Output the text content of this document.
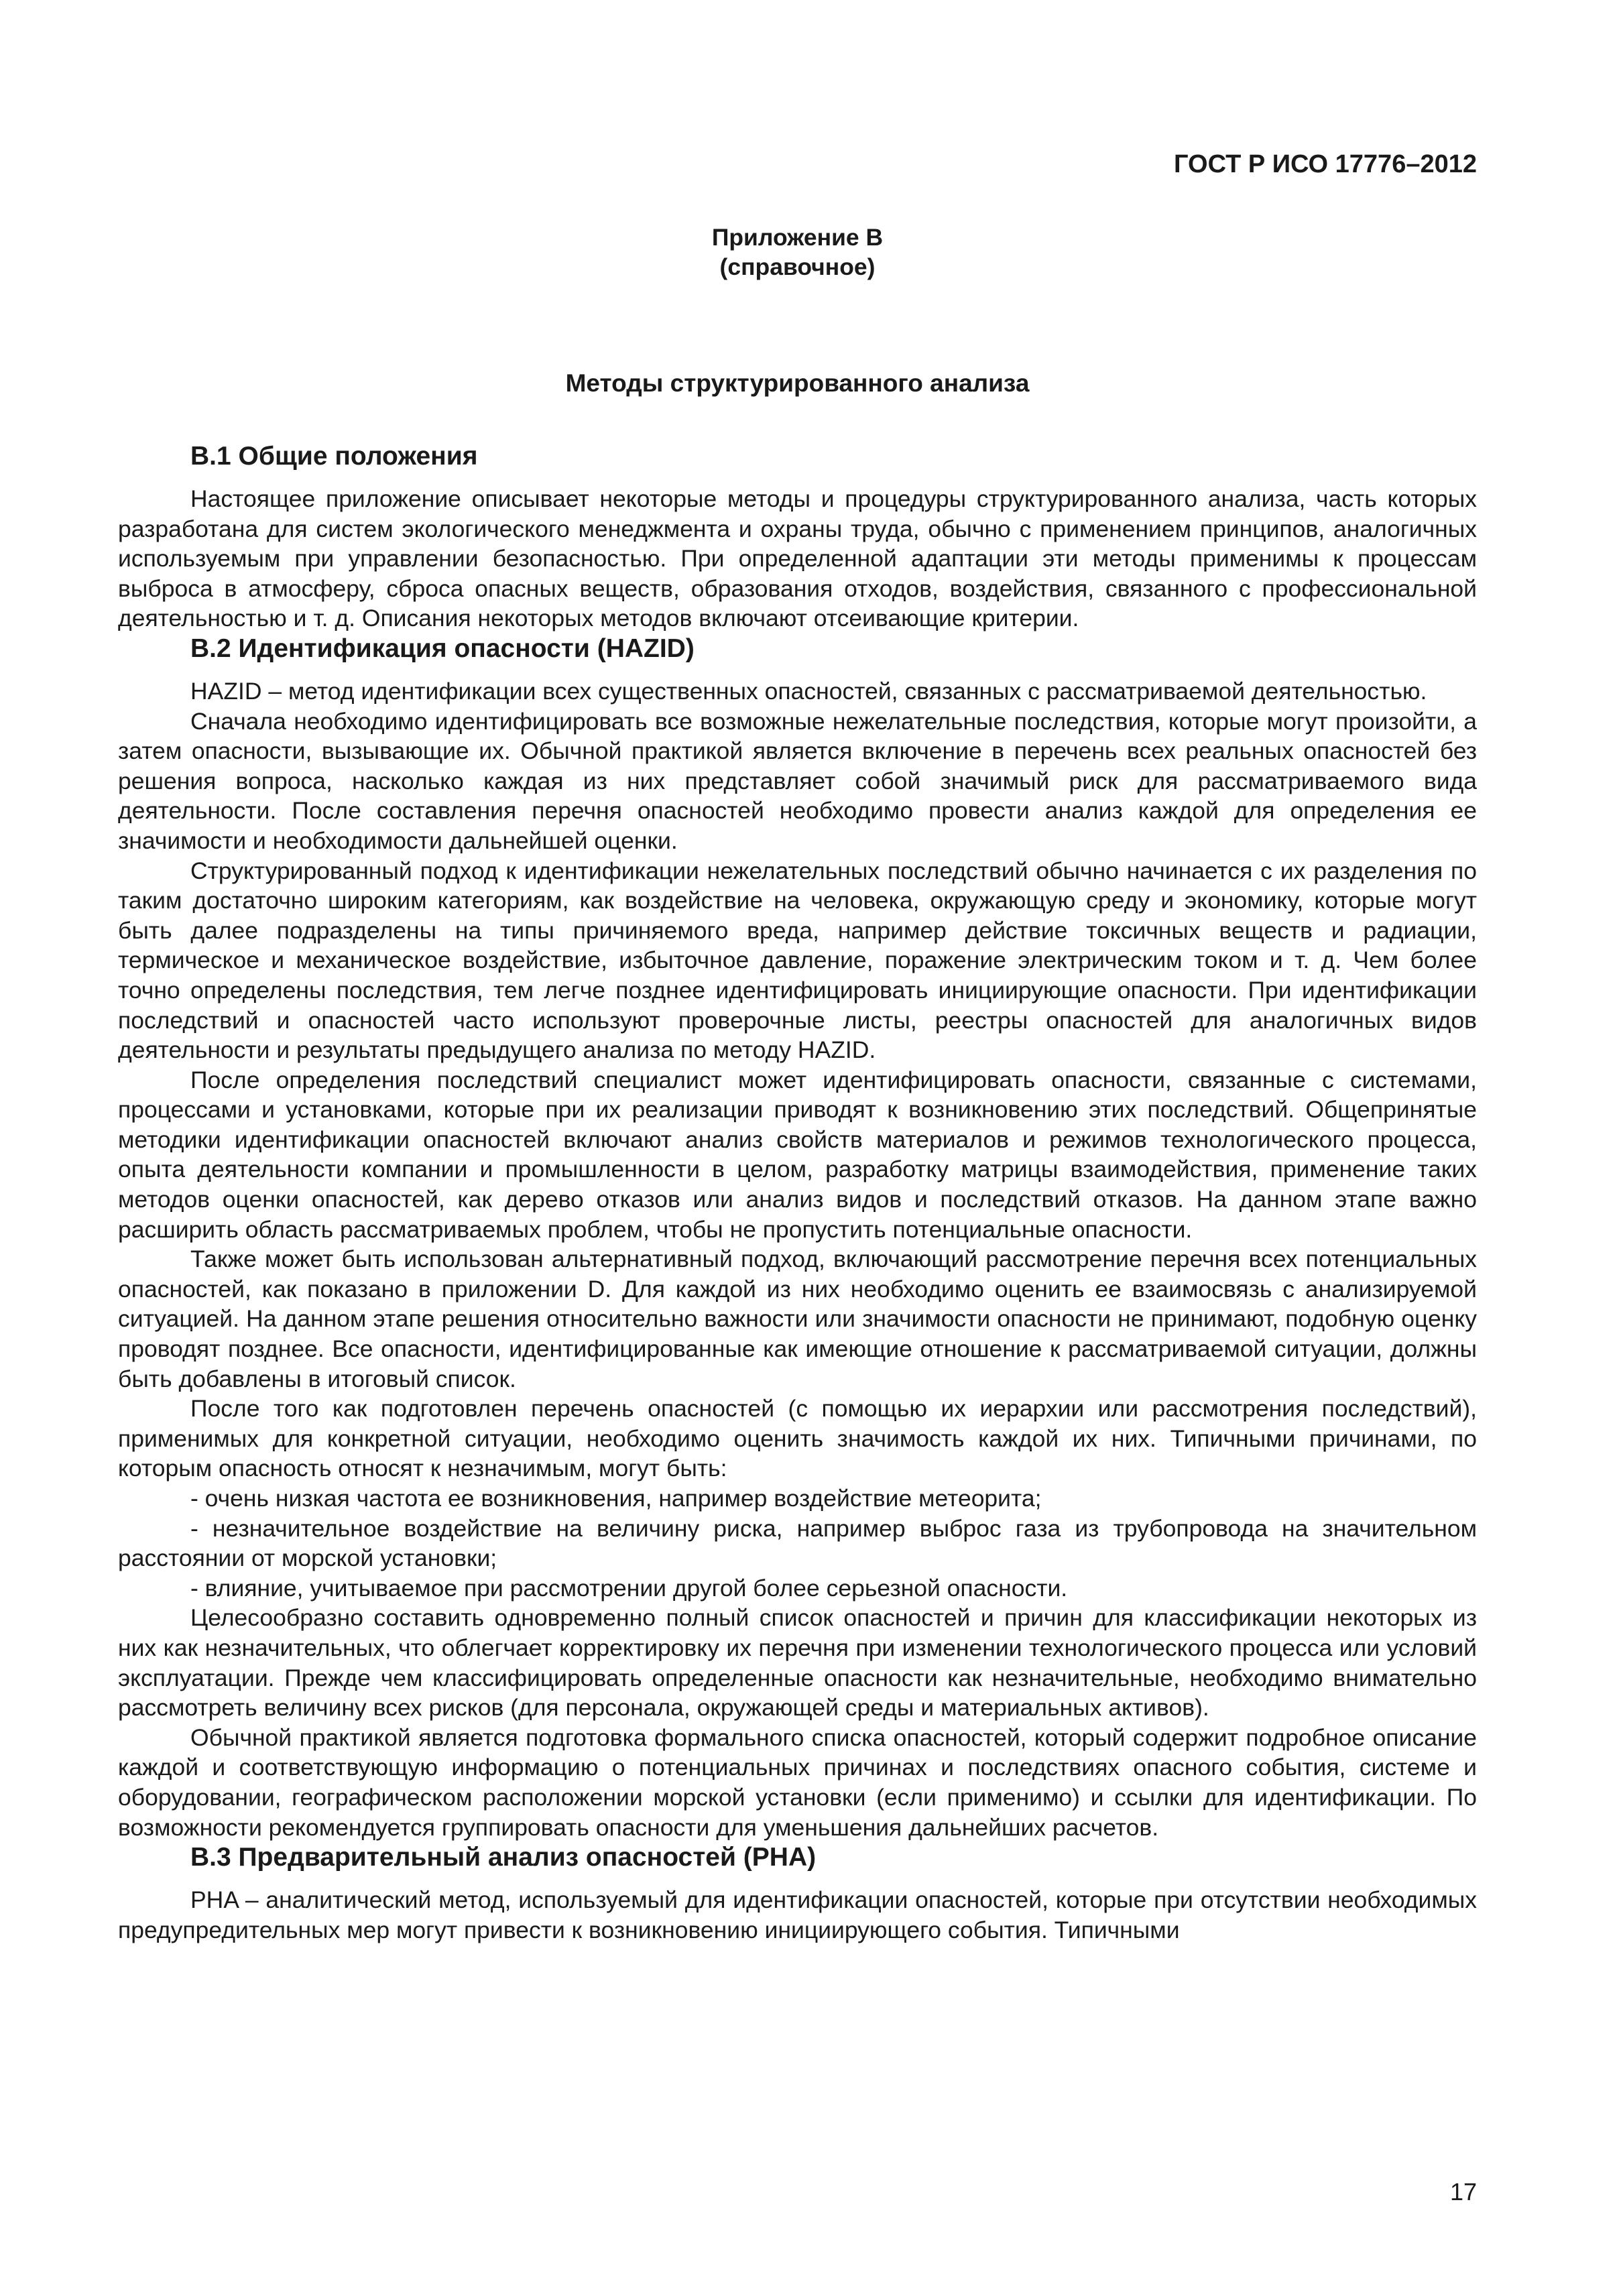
ГОСТ Р ИСО 17776–2012
Приложение В
(справочное)
Методы структурированного анализа
В.1 Общие положения

Настоящее приложение описывает некоторые методы и процедуры структурированного анализа, часть которых разработана для систем экологического менеджмента и охраны труда, обычно с применением принципов, аналогичных используемым при управлении безопасностью. При определенной адаптации эти методы применимы к процессам выброса в атмосферу, сброса опасных веществ, образования отходов, воздействия, связанного с профессиональной деятельностью и т. д. Описания некоторых методов включают отсеивающие критерии.

В.2 Идентификация опасности (HAZID)

HAZID – метод идентификации всех существенных опасностей, связанных с рассматриваемой деятельностью.

Сначала необходимо идентифицировать все возможные нежелательные последствия, которые могут произойти, а затем опасности, вызывающие их. Обычной практикой является включение в перечень всех реальных опасностей без решения вопроса, насколько каждая из них представляет собой значимый риск для рассматриваемого вида деятельности. После составления перечня опасностей необходимо провести анализ каждой для определения ее значимости и необходимости дальнейшей оценки.

Структурированный подход к идентификации нежелательных последствий обычно начинается с их разделения по таким достаточно широким категориям, как воздействие на человека, окружающую среду и экономику, которые могут быть далее подразделены на типы причиняемого вреда, например действие токсичных веществ и радиации, термическое и механическое воздействие, избыточное давление, поражение электрическим током и т. д. Чем более точно определены последствия, тем легче позднее идентифицировать инициирующие опасности. При идентификации последствий и опасностей часто используют проверочные листы, реестры опасностей для аналогичных видов деятельности и результаты предыдущего анализа по методу HAZID.

После определения последствий специалист может идентифицировать опасности, связанные с системами, процессами и установками, которые при их реализации приводят к возникновению этих последствий. Общепринятые методики идентификации опасностей включают анализ свойств материалов и режимов технологического процесса, опыта деятельности компании и промышленности в целом, разработку матрицы взаимодействия, применение таких методов оценки опасностей, как дерево отказов или анализ видов и последствий отказов. На данном этапе важно расширить область рассматриваемых проблем, чтобы не пропустить потенциальные опасности.

Также может быть использован альтернативный подход, включающий рассмотрение перечня всех потенциальных опасностей, как показано в приложении D. Для каждой из них необходимо оценить ее взаимосвязь с анализируемой ситуацией. На данном этапе решения относительно важности или значимости опасности не принимают, подобную оценку проводят позднее. Все опасности, идентифицированные как имеющие отношение к рассматриваемой ситуации, должны быть добавлены в итоговый список.

После того как подготовлен перечень опасностей (с помощью их иерархии или рассмотрения последствий), применимых для конкретной ситуации, необходимо оценить значимость каждой их них. Типичными причинами, по которым опасность относят к незначимым, могут быть:

- очень низкая частота ее возникновения, например воздействие метеорита;
- незначительное воздействие на величину риска, например выброс газа из трубопровода на значительном расстоянии от морской установки;
- влияние, учитываемое при рассмотрении другой более серьезной опасности.

Целесообразно составить одновременно полный список опасностей и причин для классификации некоторых из них как незначительных, что облегчает корректировку их перечня при изменении технологического процесса или условий эксплуатации. Прежде чем классифицировать определенные опасности как незначительные, необходимо внимательно рассмотреть величину всех рисков (для персонала, окружающей среды и материальных активов).

Обычной практикой является подготовка формального списка опасностей, который содержит подробное описание каждой и соответствующую информацию о потенциальных причинах и последствиях опасного события, системе и оборудовании, географическом расположении морской установки (если применимо) и ссылки для идентификации. По возможности рекомендуется группировать опасности для уменьшения дальнейших расчетов.

В.3 Предварительный анализ опасностей (PHA)

PHA – аналитический метод, используемый для идентификации опасностей, которые при отсутствии необходимых предупредительных мер могут привести к возникновению инициирующего события. Типичными

17
